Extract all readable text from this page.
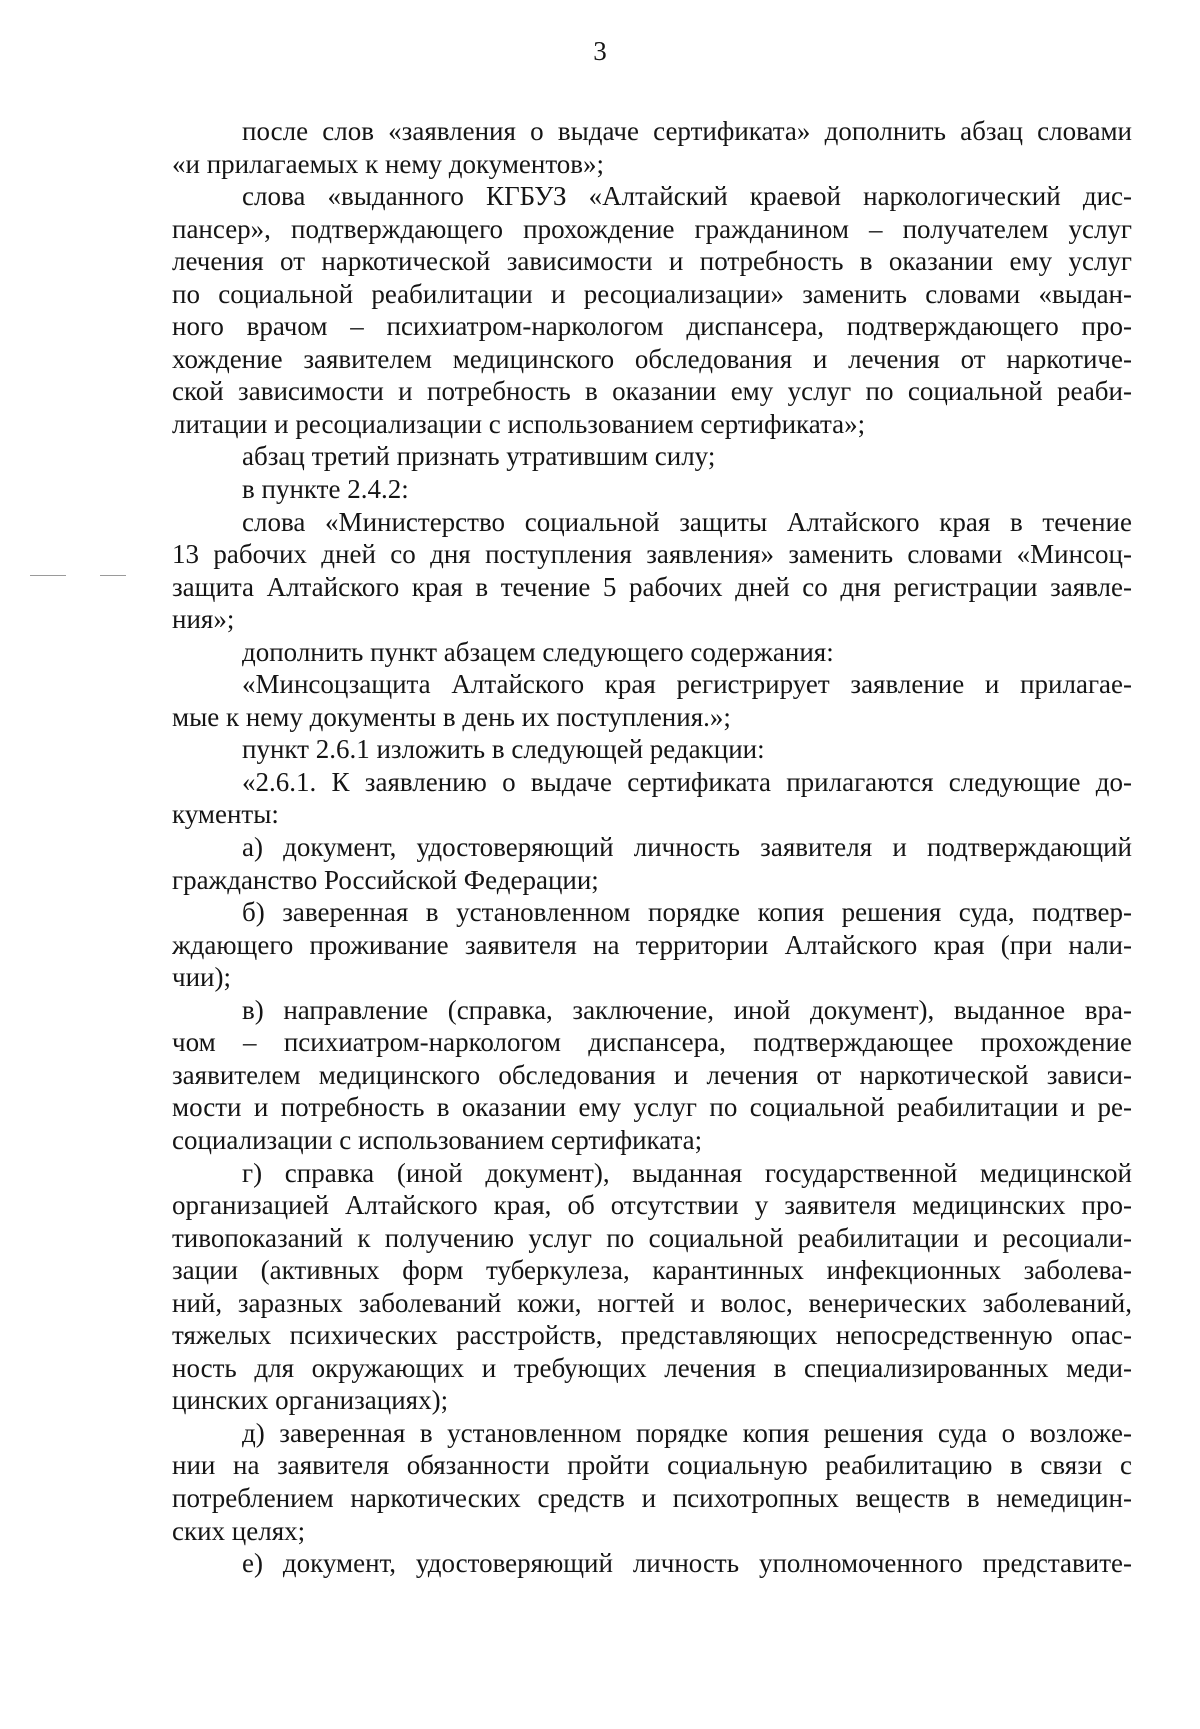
3
после слов «заявления о выдаче сертификата» дополнить абзац словами
«и прилагаемых к нему документов»;
слова «выданного КГБУЗ «Алтайский краевой наркологический дис-
пансер», подтверждающего прохождение гражданином – получателем услуг
лечения от наркотической зависимости и потребность в оказании ему услуг
по социальной реабилитации и ресоциализации» заменить словами «выдан-
ного врачом – психиатром-наркологом диспансера, подтверждающего про-
хождение заявителем медицинского обследования и лечения от наркотиче-
ской зависимости и потребность в оказании ему услуг по социальной реаби-
литации и ресоциализации с использованием сертификата»;
абзац третий признать утратившим силу;
в пункте 2.4.2:
слова «Министерство социальной защиты Алтайского края в течение
13 рабочих дней со дня поступления заявления» заменить словами «Минсоц-
защита Алтайского края в течение 5 рабочих дней со дня регистрации заявле-
ния»;
дополнить пункт абзацем следующего содержания:
«Минсоцзащита Алтайского края регистрирует заявление и прилагае-
мые к нему документы в день их поступления.»;
пункт 2.6.1 изложить в следующей редакции:
«2.6.1. К заявлению о выдаче сертификата прилагаются следующие до-
кументы:
а) документ, удостоверяющий личность заявителя и подтверждающий
гражданство Российской Федерации;
б) заверенная в установленном порядке копия решения суда, подтвер-
ждающего проживание заявителя на территории Алтайского края (при нали-
чии);
в) направление (справка, заключение, иной документ), выданное вра-
чом – психиатром-наркологом диспансера, подтверждающее прохождение
заявителем медицинского обследования и лечения от наркотической зависи-
мости и потребность в оказании ему услуг по социальной реабилитации и ре-
социализации с использованием сертификата;
г) справка (иной документ), выданная государственной медицинской
организацией Алтайского края, об отсутствии у заявителя медицинских про-
тивопоказаний к получению услуг по социальной реабилитации и ресоциали-
зации (активных форм туберкулеза, карантинных инфекционных заболева-
ний, заразных заболеваний кожи, ногтей и волос, венерических заболеваний,
тяжелых психических расстройств, представляющих непосредственную опас-
ность для окружающих и требующих лечения в специализированных меди-
цинских организациях);
д) заверенная в установленном порядке копия решения суда о возложе-
нии на заявителя обязанности пройти социальную реабилитацию в связи с
потреблением наркотических средств и психотропных веществ в немедицин-
ских целях;
е) документ, удостоверяющий личность уполномоченного представите-
